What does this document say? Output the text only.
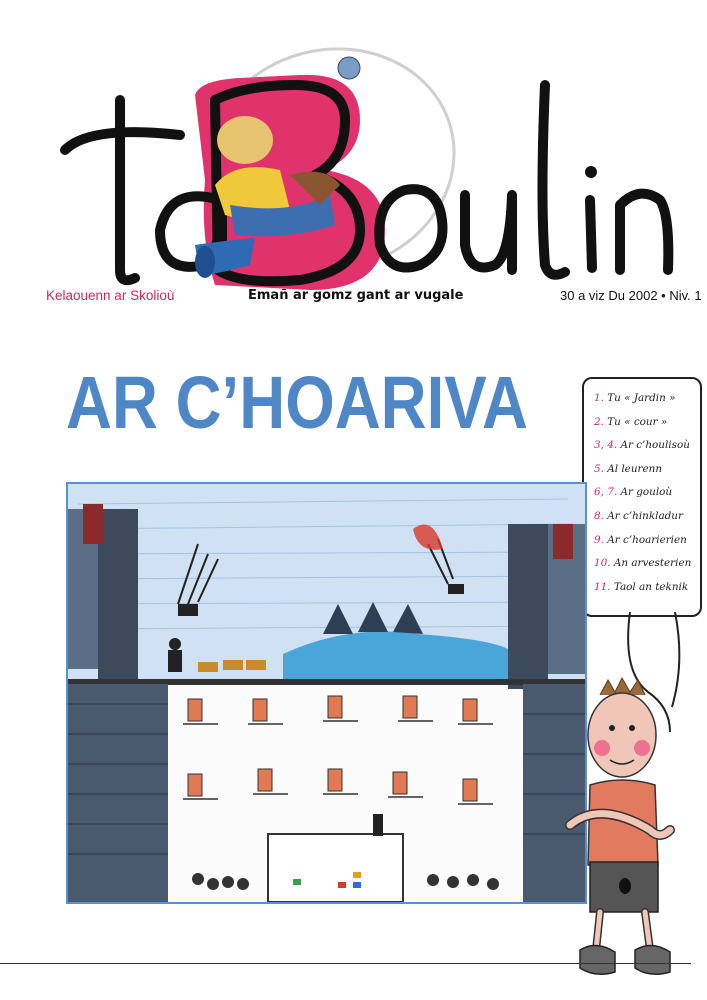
Kelaouenn ar Skolioù	Emañ ar gomz gant ar vugale	30 a viz Du 2002 • Niv. 1
AR C’HOARIVA	1. Tu « Jardin »
2. Tu « cour »
3, 4. Ar c’houlisoù
5. Al leurenn
6, 7. Ar gouloù
8. Ar c’hinkladur
9. Ar c’hoarierien
10. An arvesterien
11. Taol an teknik
